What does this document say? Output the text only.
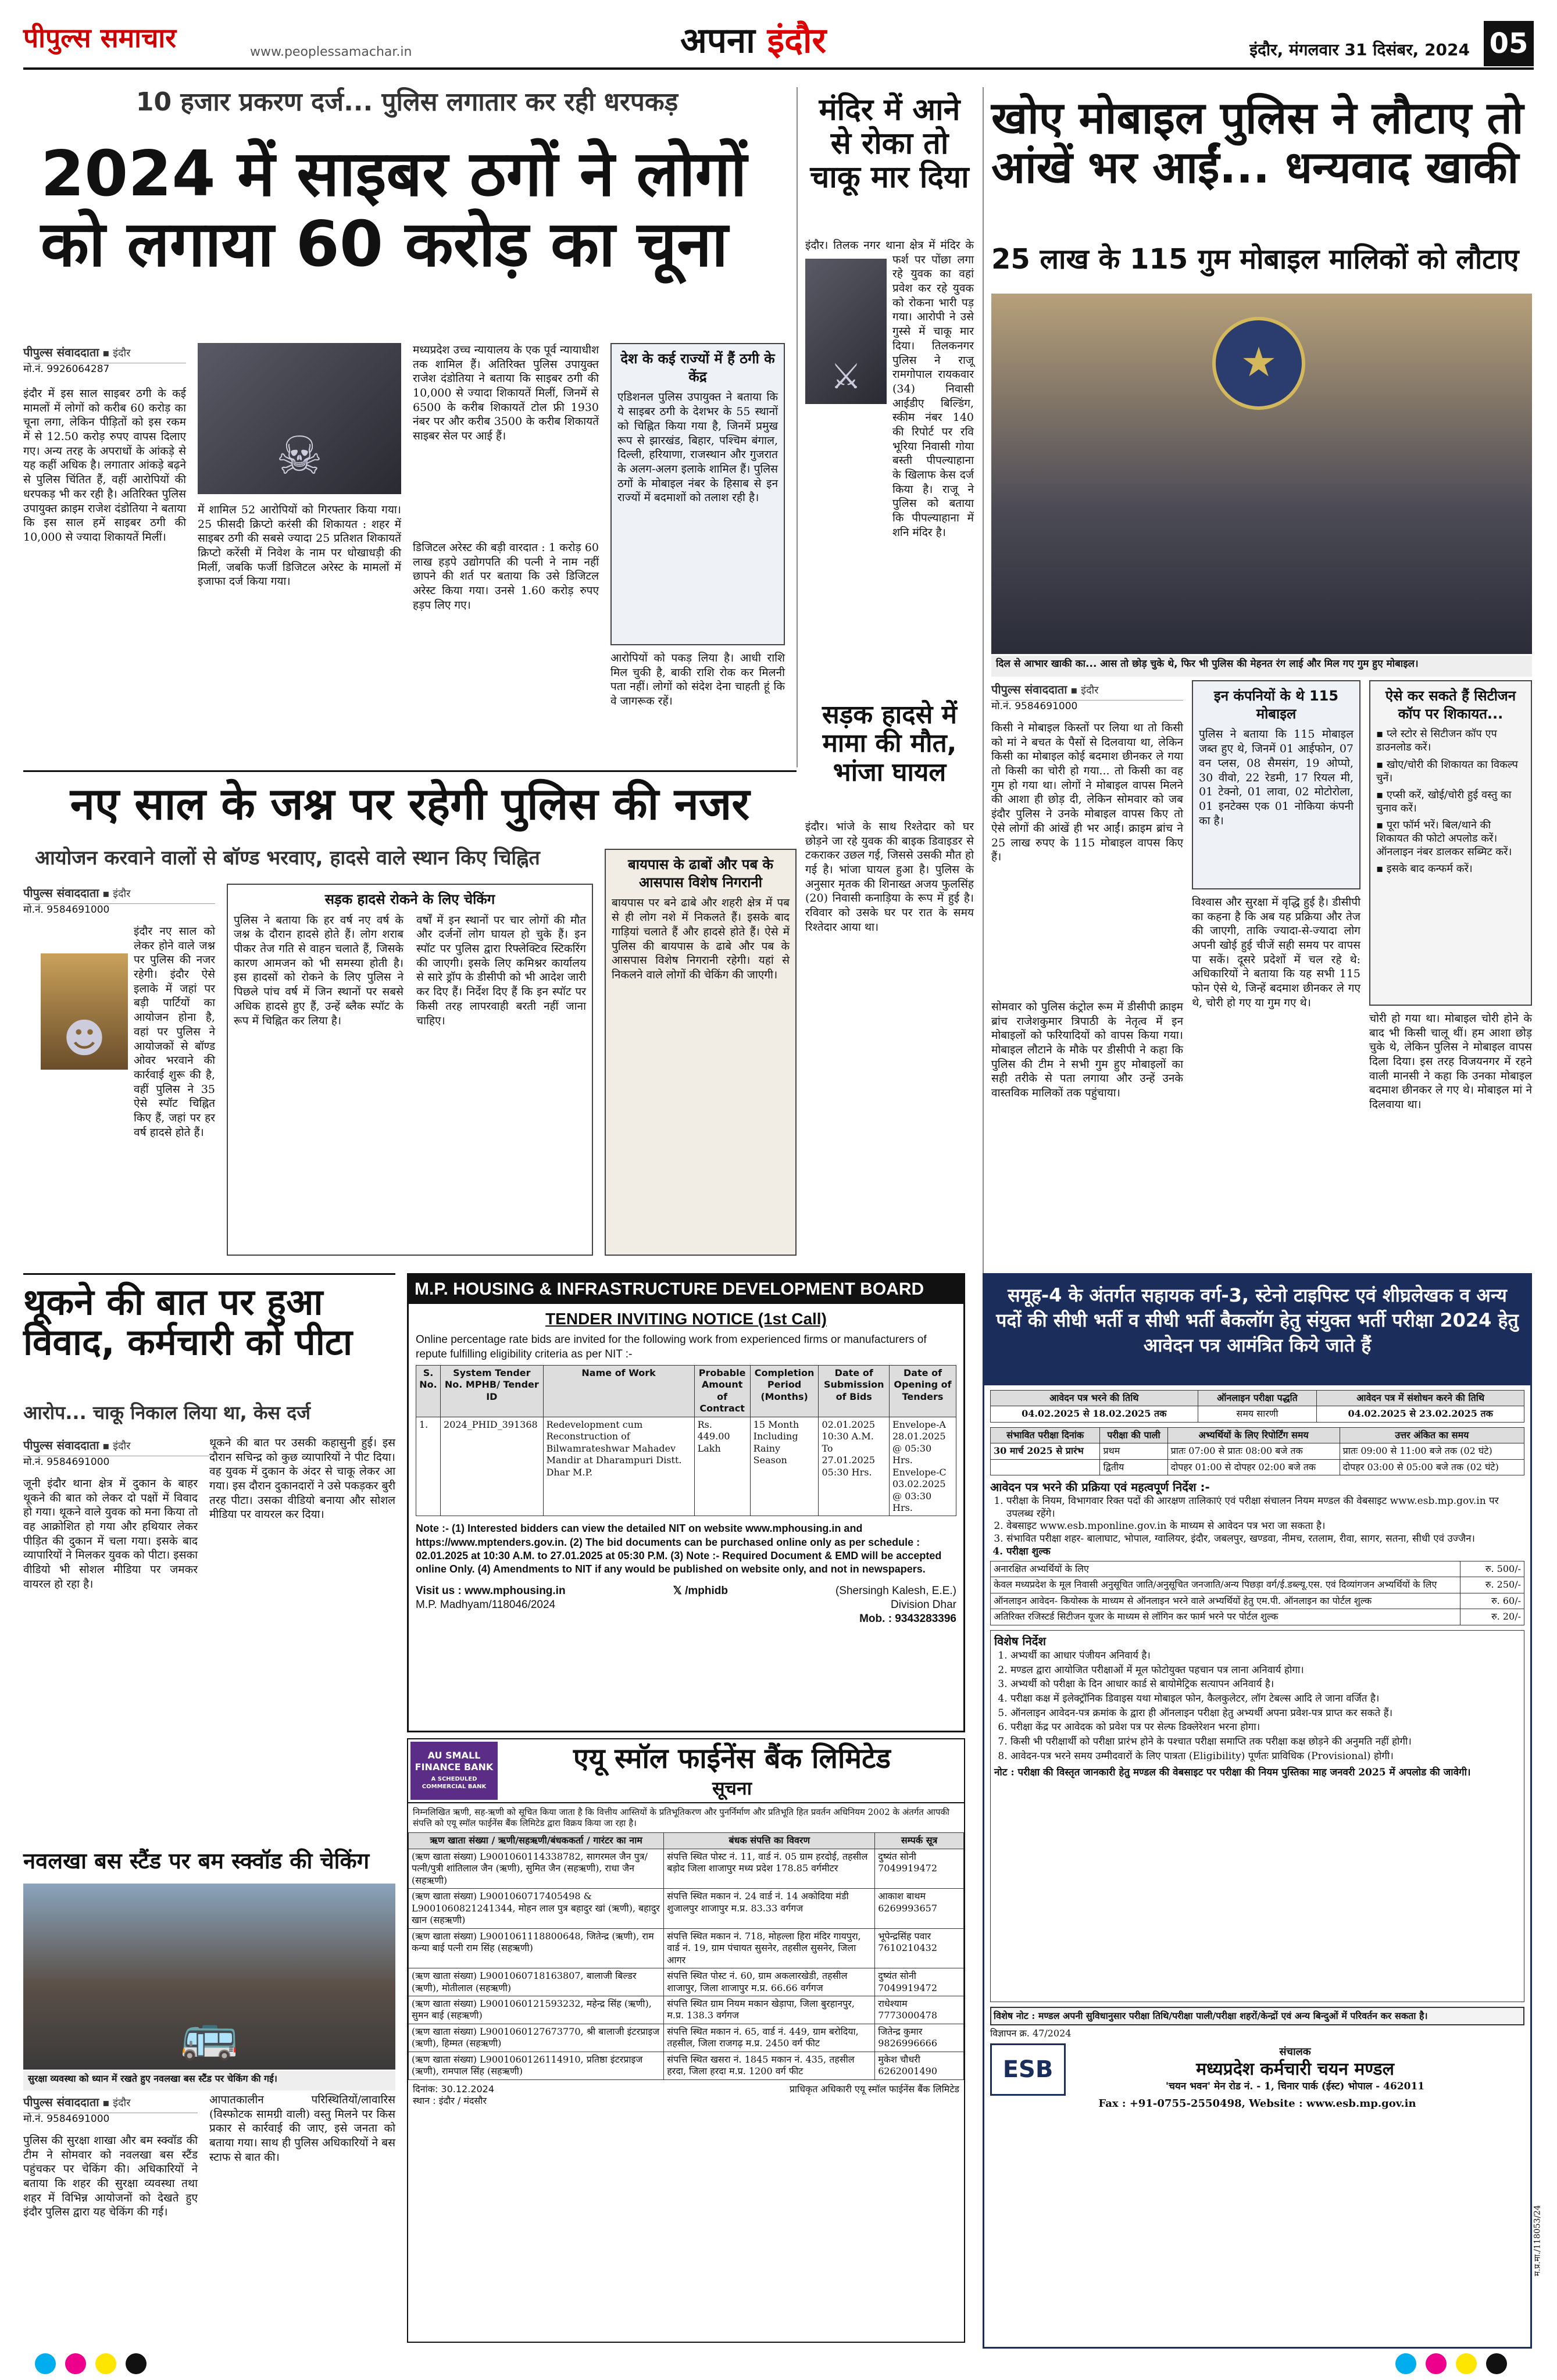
पीपुल्स समाचार	www.peoplessamachar.in	अपना इंदौर	इंदौर, मंगलवार 31 दिसंबर, 2024 05
10 हजार प्रकरण दर्ज... पुलिस लगातार कर रही धरपकड़
2024 में साइबर ठगों ने लोगों को लगाया 60 करोड़ का चूना
पीपुल्स संवाददाता ▪ इंदौर
मो.नं. 9926064287
इंदौर में इस साल साइबर ठगी के कई मामलों में लोगों को करीब 60 करोड़ का चूना लगा, लेकिन पीड़ितों को इस रकम में से 12.50 करोड़ रुपए वापस दिलाए गए। अन्य तरह के अपराधों के आंकड़े से यह कहीं अधिक है। लगातार आंकड़े बढ़ने से पुलिस चिंतित हैं, वहीं आरोपियों की धरपकड़ भी कर रही है। अतिरिक्त पुलिस उपायुक्त क्राइम राजेश दंडोतिया ने बताया कि इस साल हमें साइबर ठगी की 10,000 से ज्यादा शिकायतें मिलीं।
☠
में शामिल 52 आरोपियों को गिरफ्तार किया गया। 25 फीसदी क्रिप्टो करंसी की शिकायत : शहर में साइबर ठगी की सबसे ज्यादा 25 प्रतिशत शिकायतें क्रिप्टो करेंसी में निवेश के नाम पर धोखाधड़ी की मिलीं, जबकि फर्जी डिजिटल अरेस्ट के मामलों में इजाफा दर्ज किया गया।
मध्यप्रदेश उच्च न्यायालय के एक पूर्व न्यायाधीश तक शामिल हैं। अतिरिक्त पुलिस उपायुक्त राजेश दंडोतिया ने बताया कि साइबर ठगी की 10,000 से ज्यादा शिकायतें मिलीं, जिनमें से 6500 के करीब शिकायतें टोल फ्री 1930 नंबर पर और करीब 3500 के करीब शिकायतें साइबर सेल पर आई हैं।
डिजिटल अरेस्ट की बड़ी वारदात : 1 करोड़ 60 लाख हड़पे उद्योगपति की पत्नी ने नाम नहीं छापने की शर्त पर बताया कि उसे डिजिटल अरेस्ट किया गया। उनसे 1.60 करोड़ रुपए हड़प लिए गए।
देश के कई राज्यों में हैं ठगी के केंद्र
एडिशनल पुलिस उपायुक्त ने बताया कि ये साइबर ठगी के देशभर के 55 स्थानों को चिह्नित किया गया है, जिनमें प्रमुख रूप से झारखंड, बिहार, पश्चिम बंगाल, दिल्ली, हरियाणा, राजस्थान और गुजरात के अलग-अलग इलाके शामिल हैं। पुलिस ठगों के मोबाइल नंबर के हिसाब से इन राज्यों में बदमाशों को तलाश रही है।
आरोपियों को पकड़ लिया है। आधी राशि मिल चुकी है, बाकी राशि रोक कर मिलनी पता नहीं। लोगों को संदेश देना चाहती हूं कि वे जागरूक रहें।
मंदिर में आने से रोका तो चाकू मार दिया
⚔
इंदौर। तिलक नगर थाना क्षेत्र में मंदिर के फर्श पर पोंछा लगा रहे युवक का वहां प्रवेश कर रहे युवक को रोकना भारी पड़ गया। आरोपी ने उसे गुस्से में चाकू मार दिया। तिलकनगर पुलिस ने राजू रामगोपाल रायकवार (34) निवासी आईडीए बिल्डिंग, स्कीम नंबर 140 की रिपोर्ट पर रवि भूरिया निवासी गोया बस्ती पीपल्याहाना के खिलाफ केस दर्ज किया है। राजू ने पुलिस को बताया कि पीपल्याहाना में शनि मंदिर है।
सड़क हादसे में मामा की मौत, भांजा घायल
इंदौर। भांजे के साथ रिश्तेदार को घर छोड़ने जा रहे युवक की बाइक डिवाइडर से टकराकर उछल गई, जिससे उसकी मौत हो गई है। भांजा घायल हुआ है। पुलिस के अनुसार मृतक की शिनाख्त अजय फुलसिंह (20) निवासी कनाड़िया के रूप में हुई है। रविवार को उसके घर पर रात के समय रिश्तेदार आया था।
खोए मोबाइल पुलिस ने लौटाए तो आंखें भर आईं... धन्यवाद खाकी
25 लाख के 115 गुम मोबाइल मालिकों को लौटाए
★
दिल से आभार खाकी का... आस तो छोड़ चुके थे, फिर भी पुलिस की मेहनत रंग लाई और मिल गए गुम हुए मोबाइल।
पीपुल्स संवाददाता ▪ इंदौर
मो.नं. 9584691000
किसी ने मोबाइल किस्तों पर लिया था तो किसी को मां ने बचत के पैसों से दिलवाया था, लेकिन किसी का मोबाइल कोई बदमाश छीनकर ले गया तो किसी का चोरी हो गया... तो किसी का वह गुम हो गया था। लोगों ने मोबाइल वापस मिलने की आशा ही छोड़ दी, लेकिन सोमवार को जब इंदौर पुलिस ने उनके मोबाइल वापस किए तो ऐसे लोगों की आंखें ही भर आईं। क्राइम ब्रांच ने 25 लाख रुपए के 115 मोबाइल वापस किए हैं।
सोमवार को पुलिस कंट्रोल रूम में डीसीपी क्राइम ब्रांच राजेशकुमार त्रिपाठी के नेतृत्व में इन मोबाइलों को फरियादियों को वापस किया गया। मोबाइल लौटाने के मौके पर डीसीपी ने कहा कि पुलिस की टीम ने सभी गुम हुए मोबाइलों का सही तरीके से पता लगाया और उन्हें उनके वास्तविक मालिकों तक पहुंचाया।
इन कंपनियों के थे 115 मोबाइल
पुलिस ने बताया कि 115 मोबाइल जब्त हुए थे, जिनमें 01 आईफोन, 07 वन प्लस, 08 सैमसंग, 19 ओप्पो, 30 वीवो, 22 रेडमी, 17 रियल मी, 01 टेक्नो, 01 लावा, 02 मोटोरोला, 01 इनटेक्स एक 01 नोकिया कंपनी का है।
विश्वास और सुरक्षा में वृद्धि हुई है। डीसीपी का कहना है कि अब यह प्रक्रिया और तेज की जाएगी, ताकि ज्यादा-से-ज्यादा लोग अपनी खोई हुई चीजें सही समय पर वापस पा सकें। दूसरे प्रदेशों में चल रहे थे: अधिकारियों ने बताया कि यह सभी 115 फोन ऐसे थे, जिन्हें बदमाश छीनकर ले गए थे, चोरी हो गए या गुम गए थे।
ऐसे कर सकते हैं सिटीजन कॉप पर शिकायत...
▪ प्ले स्टोर से सिटीजन कॉप एप डाउनलोड करें।
▪ खोए/चोरी की शिकायत का विकल्प चुनें।
▪ एप्सी करें, खोई/चोरी हुई वस्तु का चुनाव करें।
▪ पूरा फॉर्म भरें। बिल/थाने की शिकायत की फोटो अपलोड करें। ऑनलाइन नंबर डालकर सब्मिट करें।
▪ इसके बाद कन्फर्म करें।
चोरी हो गया था। मोबाइल चोरी होने के बाद भी किसी चालू थीं। हम आशा छोड़ चुके थे, लेकिन पुलिस ने मोबाइल वापस दिला दिया। इस तरह विजयनगर में रहने वाली मानसी ने कहा कि उनका मोबाइल बदमाश छीनकर ले गए थे। मोबाइल मां ने दिलवाया था।
नए साल के जश्न पर रहेगी पुलिस की नजर
आयोजन करवाने वालों से बॉण्ड भरवाए, हादसे वाले स्थान किए चिह्नित
पीपुल्स संवाददाता ▪ इंदौर
मो.नं. 9584691000
☻
इंदौर नए साल को लेकर होने वाले जश्न पर पुलिस की नजर रहेगी। इंदौर ऐसे इलाके में जहां पर बड़ी पार्टियों का आयोजन होना है, वहां पर पुलिस ने आयोजकों से बॉण्ड ओवर भरवाने की कार्रवाई शुरू की है, वहीं पुलिस ने 35 ऐसे स्पॉट चिह्नित किए हैं, जहां पर हर वर्ष हादसे होते हैं।
सड़क हादसे रोकने के लिए चेकिंग
पुलिस ने बताया कि हर वर्ष नए वर्ष के जश्न के दौरान हादसे होते हैं। लोग शराब पीकर तेज गति से वाहन चलाते हैं, जिसके कारण आमजन को भी समस्या होती है। इस हादसों को रोकने के लिए पुलिस ने पिछले पांच वर्ष में जिन स्थानों पर सबसे अधिक हादसे हुए हैं, उन्हें ब्लैक स्पॉट के रूप में चिह्नित कर लिया है।
वर्षों में इन स्थानों पर चार लोगों की मौत और दर्जनों लोग घायल हो चुके हैं। इन स्पॉट पर पुलिस द्वारा रिफ्लेक्टिव स्टिकरिंग की जाएगी। इसके लिए कमिश्नर कार्यालय से सारे ड्रॉप के डीसीपी को भी आदेश जारी कर दिए हैं। निर्देश दिए हैं कि इन स्पॉट पर किसी तरह लापरवाही बरती नहीं जाना चाहिए।
बायपास के ढाबों और पब के आसपास विशेष निगरानी
बायपास पर बने ढाबे और शहरी क्षेत्र में पब से ही लोग नशे में निकलते हैं। इसके बाद गाड़ियां चलाते हैं और हादसे होते हैं। ऐसे में पुलिस की बायपास के ढाबे और पब के आसपास विशेष निगरानी रहेगी। यहां से निकलने वाले लोगों की चेकिंग की जाएगी।
थूकने की बात पर हुआ विवाद, कर्मचारी को पीटा
आरोप... चाकू निकाल लिया था, केस दर्ज
पीपुल्स संवाददाता ▪ इंदौर
मो.नं. 9584691000
जूनी इंदौर थाना क्षेत्र में दुकान के बाहर थूकने की बात को लेकर दो पक्षों में विवाद हो गया। थूकने वाले युवक को मना किया तो वह आक्रोशित हो गया और हथियार लेकर पीड़ित की दुकान में चला गया। इसके बाद व्यापारियों ने मिलकर युवक को पीटा। इसका वीडियो भी सोशल मीडिया पर जमकर वायरल हो रहा है।
थूकने की बात पर उसकी कहासुनी हुई। इस दौरान सचिन्द्र को कुछ व्यापारियों ने पीट दिया। वह युवक में दुकान के अंदर से चाकू लेकर आ गया। इस दौरान दुकानदारों ने उसे पकड़कर बुरी तरह पीटा। उसका वीडियो बनाया और सोशल मीडिया पर वायरल कर दिया।
नवलखा बस स्टैंड पर बम स्क्वॉड की चेकिंग
🚌
सुरक्षा व्यवस्था को ध्यान में रखते हुए नवलखा बस स्टैंड पर चेकिंग की गई।
पीपुल्स संवाददाता ▪ इंदौर
मो.नं. 9584691000
पुलिस की सुरक्षा शाखा और बम स्क्वॉड की टीम ने सोमवार को नवलखा बस स्टैंड पहुंचकर पर चेकिंग की। अधिकारियों ने बताया कि शहर की सुरक्षा व्यवस्था तथा शहर में विभिन्न आयोजनों को देखते हुए इंदौर पुलिस द्वारा यह चेकिंग की गई।
आपातकालीन परिस्थितियों/लावारिस (विस्फोटक सामग्री वाली) वस्तु मिलने पर किस प्रकार से कार्रवाई की जाए, इसे जनता को बताया गया। साथ ही पुलिस अधिकारियों ने बस स्टाफ से बात की।
M.P. HOUSING & INFRASTRUCTURE DEVELOPMENT BOARD
TENDER INVITING NOTICE (1st Call)
Online percentage rate bids are invited for the following work from experienced firms or manufacturers of repute fulfilling eligibility criteria as per NIT :-
S. No.	System Tender No. MPHB/ Tender ID	Name of Work	Probable Amount of Contract	Completion Period (Months)	Date of Submission of Bids	Date of Opening of Tenders
1.	2024_PHID_391368	Redevelopment cum Reconstruction of Bilwamrateshwar Mahadev Mandir at Dharampuri Distt. Dhar M.P.	Rs. 449.00 Lakh	15 Month Including Rainy Season	02.01.2025 10:30 A.M. To 27.01.2025 05:30 Hrs.	Envelope-A 28.01.2025 @ 05:30 Hrs. Envelope-C 03.02.2025 @ 03:30 Hrs.
Note :- (1) Interested bidders can view the detailed NIT on website www.mphousing.in and https://www.mptenders.gov.in. (2) The bid documents can be purchased online only as per schedule : 02.01.2025 at 10:30 A.M. to 27.01.2025 at 05:30 P.M. (3) Note :- Required Document & EMD will be accepted online Only. (4) Amendments to NIT if any would be published on website only, and not in newspapers.
Visit us : www.mphousing.in
M.P. Madhyam/118046/2024
𝕏 /mphidb	(Shersingh Kalesh, E.E.)
Division Dhar
Mob. : 9343283396
AU SMALL FINANCE BANK
A SCHEDULED COMMERCIAL BANK
एयू स्मॉल फाईनेंस बैंक लिमिटेड
सूचना
निम्नलिखित ऋणी, सह-ऋणी को सूचित किया जाता है कि वित्तीय आस्तियों के प्रतिभूतिकरण और पुनर्निर्माण और प्रतिभूति हित प्रवर्तन अधिनियम 2002 के अंतर्गत आपकी संपत्ति को एयू स्मॉल फाईनेंस बैंक लिमिटेड द्वारा विक्रय किया जा रहा है।
ऋण खाता संख्या / ऋणी/सहऋणी/बंधककर्ता / गारंटर का नाम	बंधक संपत्ति का विवरण	सम्पर्क सूत्र
(ऋण खाता संख्या) L9001060114338782, सागरमल जैन पुत्र/पत्नी/पुत्री शांतिलाल जैन (ऋणी), सुमित जैन (सहऋणी), राधा जैन (सहऋणी)	संपत्ति स्थित पोस्ट नं. 11, वार्ड नं. 05 ग्राम हरदोई, तहसील बड़ोद जिला शाजापुर मध्य प्रदेश 178.85 वर्गमीटर	दुष्यंत सोनी 7049919472
(ऋण खाता संख्या) L9001060717405498 & L9001060821241344, मोहन लाल पुत्र बहादुर खां (ऋणी), बहादुर खान (सहऋणी)	संपत्ति स्थित मकान नं. 24 वार्ड नं. 14 अकोदिया मंडी शुजालपुर शाजापुर म.प्र. 83.33 वर्गगज	आकाश बाथम 6269993657
(ऋण खाता संख्या) L9001061118800648, जितेन्द्र (ऋणी), राम कन्या बाई पत्नी राम सिंह (सहऋणी)	संपत्ति स्थित मकान नं. 718, मोहल्ला हिरा मंदिर गायपुरा, वार्ड नं. 19, ग्राम पंचायत सुसनेर, तहसील सुसनेर, जिला आगर	भूपेन्द्रसिंह पवार 7610210432
(ऋण खाता संख्या) L9001060718163807, बालाजी बिल्डर (ऋणी), मोतीलाल (सहऋणी)	संपत्ति स्थित पोस्ट नं. 60, ग्राम अकलारखेडी, तहसील शाजापुर, जिला शाजापुर म.प्र. 66.66 वर्गगज	दुष्यंत सोनी 7049919472
(ऋण खाता संख्या) L9001060121593232, महेन्द्र सिंह (ऋणी), सुमन बाई (सहऋणी)	संपत्ति स्थित ग्राम नियम मकान खेड़ापा, जिला बुरहानपुर, म.प्र. 138.3 वर्गगज	राधेश्याम 7773000478
(ऋण खाता संख्या) L9001060127673770, श्री बालाजी इंटरप्राइज (ऋणी), हिम्मत (सहऋणी)	संपत्ति स्थित मकान नं. 65, वार्ड नं. 449, ग्राम बरोदिया, तहसील, जिला राजगढ़ म.प्र. 2450 वर्ग फीट	जितेन्द्र कुमार 9826996666
(ऋण खाता संख्या) L9001060126114910, प्रतिष्ठा इंटरप्राइज (ऋणी), रामपाल सिंह (सहऋणी)	संपत्ति स्थित खसरा नं. 1845 मकान नं. 435, तहसील हरदा, जिला हरदा म.प्र. 1200 वर्ग फीट	मुकेश चौधरी 6262001490
दिनांक: 30.12.2024
स्थान : इंदौर / मंदसौर
प्राधिकृत अधिकारी एयू स्मॉल फाईनेंस बैंक लिमिटेड
समूह-4 के अंतर्गत सहायक वर्ग-3, स्टेनो टाइपिस्ट एवं शीघ्रलेखक व अन्य पदों की सीधी भर्ती व सीधी भर्ती बैकलॉग हेतु संयुक्त भर्ती परीक्षा 2024 हेतु आवेदन पत्र आमंत्रित किये जाते हैं
आवेदन पत्र भरने की तिथि	ऑनलाइन परीक्षा पद्धति	आवेदन पत्र में संशोधन करने की तिथि
04.02.2025 से 18.02.2025 तक	समय सारणी	04.02.2025 से 23.02.2025 तक
संभावित परीक्षा दिनांक	परीक्षा की पाली	अभ्यर्थियों के लिए रिपोर्टिंग समय	उत्तर अंकित का समय
30 मार्च 2025 से प्रारंभ	प्रथम	प्रातः 07:00 से प्रातः 08:00 बजे तक	प्रातः 09:00 से 11:00 बजे तक (02 घंटे)
	द्वितीय	दोपहर 01:00 से दोपहर 02:00 बजे तक	दोपहर 03:00 से 05:00 बजे तक (02 घंटे)
आवेदन पत्र भरने की प्रक्रिया एवं महत्वपूर्ण निर्देश :-
1. परीक्षा के नियम, विभागवार रिक्त पदों की आरक्षण तालिकाएं एवं परीक्षा संचालन नियम मण्डल की वेबसाइट www.esb.mp.gov.in पर उपलब्ध रहेंगे।
2. वेबसाइट www.esb.mponline.gov.in के माध्यम से आवेदन पत्र भरा जा सकता है।
3. संभावित परीक्षा शहर- बालाघाट, भोपाल, ग्वालियर, इंदौर, जबलपुर, खण्डवा, नीमच, रतलाम, रीवा, सागर, सतना, सीधी एवं उज्जैन।
4. परीक्षा शुल्क
अनारक्षित अभ्यर्थियों के लिए	रु. 500/-
केवल मध्यप्रदेश के मूल निवासी अनुसूचित जाति/अनुसूचित जनजाति/अन्य पिछड़ा वर्ग/ई.डब्ल्यू.एस. एवं दिव्यांगजन अभ्यर्थियों के लिए	रु. 250/-
ऑनलाइन आवेदन- कियोस्क के माध्यम से ऑनलाइन भरने वाले अभ्यर्थियों हेतु एम.पी. ऑनलाइन का पोर्टल शुल्क	रु. 60/-
अतिरिक्त रजिस्टर्ड सिटीजन यूजर के माध्यम से लॉगिन कर फार्म भरने पर पोर्टल शुल्क	रु. 20/-
विशेष निर्देश
1. अभ्यर्थी का आधार पंजीयन अनिवार्य है।
2. मण्डल द्वारा आयोजित परीक्षाओं में मूल फोटोयुक्त पहचान पत्र लाना अनिवार्य होगा।
3. अभ्यर्थी को परीक्षा के दिन आधार कार्ड से बायोमेट्रिक सत्यापन अनिवार्य है।
4. परीक्षा कक्ष में इलेक्ट्रॉनिक डिवाइस यथा मोबाइल फोन, कैलकुलेटर, लॉग टेबल्स आदि ले जाना वर्जित है।
5. ऑनलाइन आवेदन-पत्र क्रमांक के द्वारा ही ऑनलाइन परीक्षा हेतु अभ्यर्थी अपना प्रवेश-पत्र प्राप्त कर सकते हैं।
6. परीक्षा केंद्र पर आवेदक को प्रवेश पत्र पर सेल्फ डिक्लेरेशन भरना होगा।
7. किसी भी परीक्षार्थी को परीक्षा प्रारंभ होने के पश्चात परीक्षा समाप्ति तक परीक्षा कक्ष छोड़ने की अनुमति नहीं होगी।
8. आवेदन-पत्र भरने समय उम्मीदवारों के लिए पात्रता (Eligibility) पूर्णतः प्राविधिक (Provisional) होगी।
नोट : परीक्षा की विस्तृत जानकारी हेतु मण्डल की वेबसाइट पर परीक्षा की नियम पुस्तिका माह जनवरी 2025 में अपलोड की जावेगी।
विशेष नोट : मण्डल अपनी सुविधानुसार परीक्षा तिथि/परीक्षा पाली/परीक्षा शहरों/केन्द्रों एवं अन्य बिन्दुओं में परिवर्तन कर सकता है।
विज्ञापन क्र. 47/2024
ESB
संचालक
मध्यप्रदेश कर्मचारी चयन मण्डल
'चयन भवन' मेन रोड नं. - 1, चिनार पार्क (ईस्ट) भोपाल - 462011
Fax : +91-0755-2550498, Website : www.esb.mp.gov.in
म.प्र.मा./118053/24
